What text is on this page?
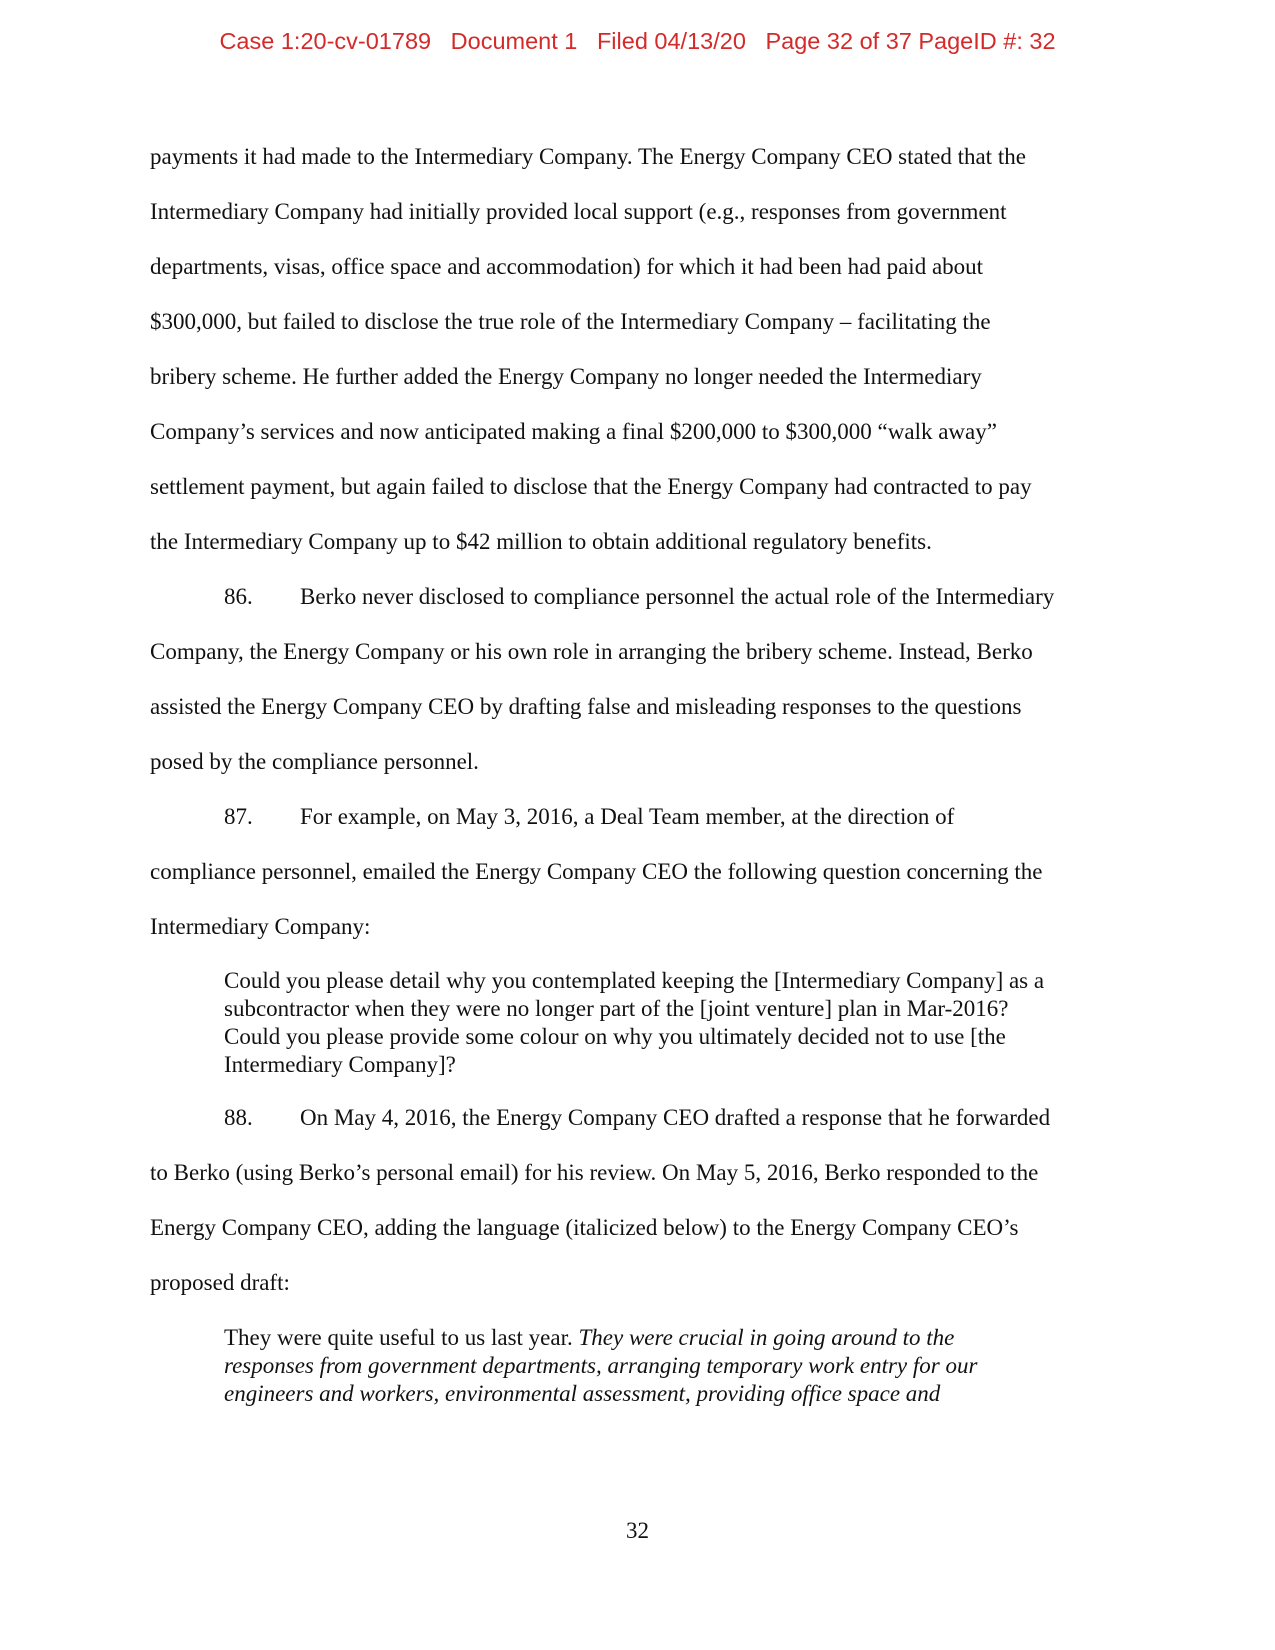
Case 1:20-cv-01789   Document 1   Filed 04/13/20   Page 32 of 37 PageID #: 32
payments it had made to the Intermediary Company. The Energy Company CEO stated that the
Intermediary Company had initially provided local support (e.g., responses from government
departments, visas, office space and accommodation) for which it had been had paid about
$300,000, but failed to disclose the true role of the Intermediary Company – facilitating the
bribery scheme. He further added the Energy Company no longer needed the Intermediary
Company’s services and now anticipated making a final $200,000 to $300,000 “walk away”
settlement payment, but again failed to disclose that the Energy Company had contracted to pay
the Intermediary Company up to $42 million to obtain additional regulatory benefits.
86. Berko never disclosed to compliance personnel the actual role of the Intermediary
Company, the Energy Company or his own role in arranging the bribery scheme. Instead, Berko
assisted the Energy Company CEO by drafting false and misleading responses to the questions
posed by the compliance personnel.
87. For example, on May 3, 2016, a Deal Team member, at the direction of
compliance personnel, emailed the Energy Company CEO the following question concerning the
Intermediary Company:
Could you please detail why you contemplated keeping the [Intermediary Company] as a
subcontractor when they were no longer part of the [joint venture] plan in Mar-2016?
Could you please provide some colour on why you ultimately decided not to use [the
Intermediary Company]?
88. On May 4, 2016, the Energy Company CEO drafted a response that he forwarded
to Berko (using Berko’s personal email) for his review. On May 5, 2016, Berko responded to the
Energy Company CEO, adding the language (italicized below) to the Energy Company CEO’s
proposed draft:
They were quite useful to us last year. They were crucial in going around to the
responses from government departments, arranging temporary work entry for our
engineers and workers, environmental assessment, providing office space and
32
